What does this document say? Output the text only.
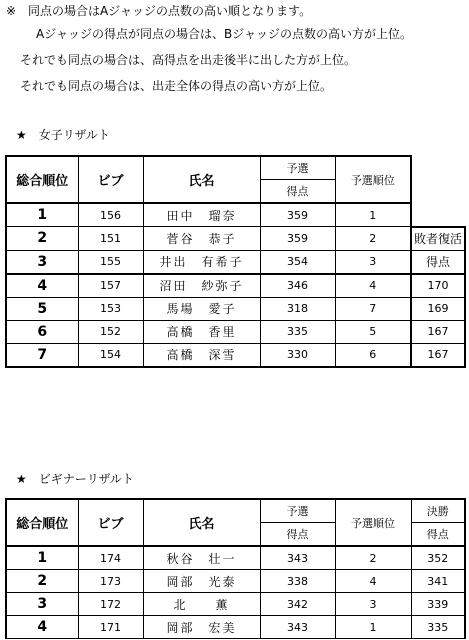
※　同点の場合はAジャッジの点数の高い順となります。
Aジャッジの得点が同点の場合は、Bジャッジの点数の高い方が上位。
それでも同点の場合は、高得点を出走後半に出した方が上位。
それでも同点の場合は、出走全体の得点の高い方が上位。
★　女子リザルト
総合順位	ビブ	氏名	予選	予選順位	
			得点		
1	156	田中　瑠奈	359	1	
2	151	菅谷　恭子	359	2	敗者復活
3	155	井出　有希子	354	3	得点
4	157	沼田　紗弥子	346	4	170
5	153	馬場　愛子	318	7	169
6	152	高橋　香里	335	5	167
7	154	高橋　深雪	330	6	167
★　ビギナーリザルト
総合順位	ビブ	氏名	予選	予選順位	決勝
			得点		得点
1	174	秋谷　壮一	343	2	352
2	173	岡部　光泰	338	4	341
3	172	北　　薫	342	3	339
4	171	岡部　宏美	343	1	335
